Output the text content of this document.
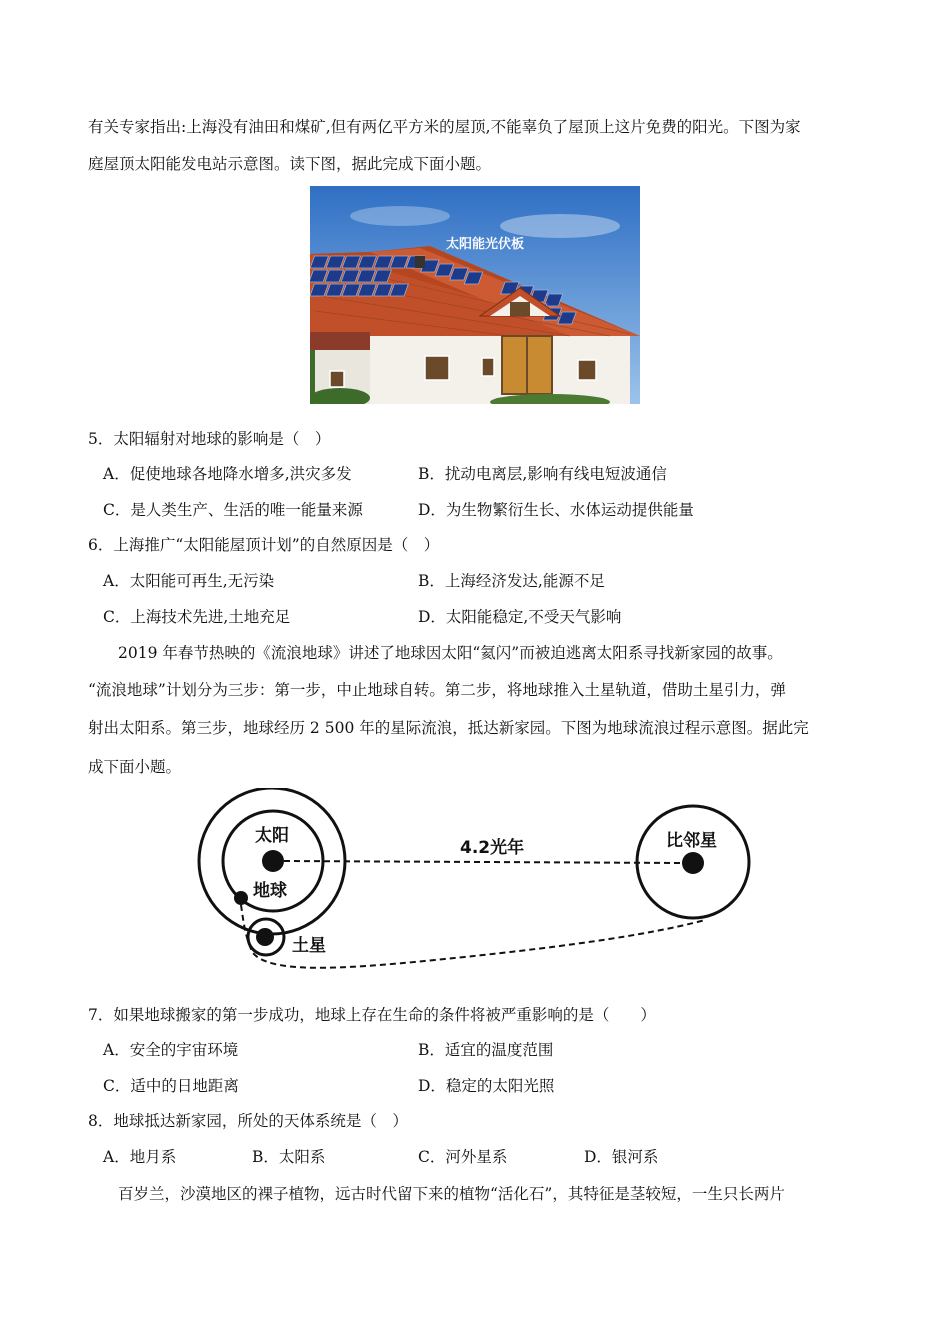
有关专家指出:上海没有油田和煤矿,但有两亿平方米的屋顶,不能辜负了屋顶上这片免费的阳光。下图为家
庭屋顶太阳能发电站示意图。读下图，据此完成下面小题。
太阳能光伏板
5．太阳辐射对地球的影响是（　）
A．促使地球各地降水增多,洪灾多发	B．扰动电离层,影响有线电短波通信
C．是人类生产、生活的唯一能量来源	D．为生物繁衍生长、水体运动提供能量
6．上海推广“太阳能屋顶计划”的自然原因是（　）
A．太阳能可再生,无污染	B．上海经济发达,能源不足
C．上海技术先进,土地充足	D．太阳能稳定,不受天气影响
2019 年春节热映的《流浪地球》讲述了地球因太阳“氦闪”而被迫逃离太阳系寻找新家园的故事。
“流浪地球”计划分为三步：第一步，中止地球自转。第二步，将地球推入土星轨道，借助土星引力，弹
射出太阳系。第三步，地球经历 2 500 年的星际流浪，抵达新家园。下图为地球流浪过程示意图。据此完
成下面小题。
太阳
地球
土星
比邻星
4.2光年
7．如果地球搬家的第一步成功，地球上存在生命的条件将被严重影响的是（　　）
A．安全的宇宙环境	B．适宜的温度范围
C．适中的日地距离	D．稳定的太阳光照
8．地球抵达新家园，所处的天体系统是（　）
A．地月系	B．太阳系	C．河外星系	D．银河系
百岁兰，沙漠地区的裸子植物，远古时代留下来的植物“活化石”，其特征是茎较短，一生只长两片
